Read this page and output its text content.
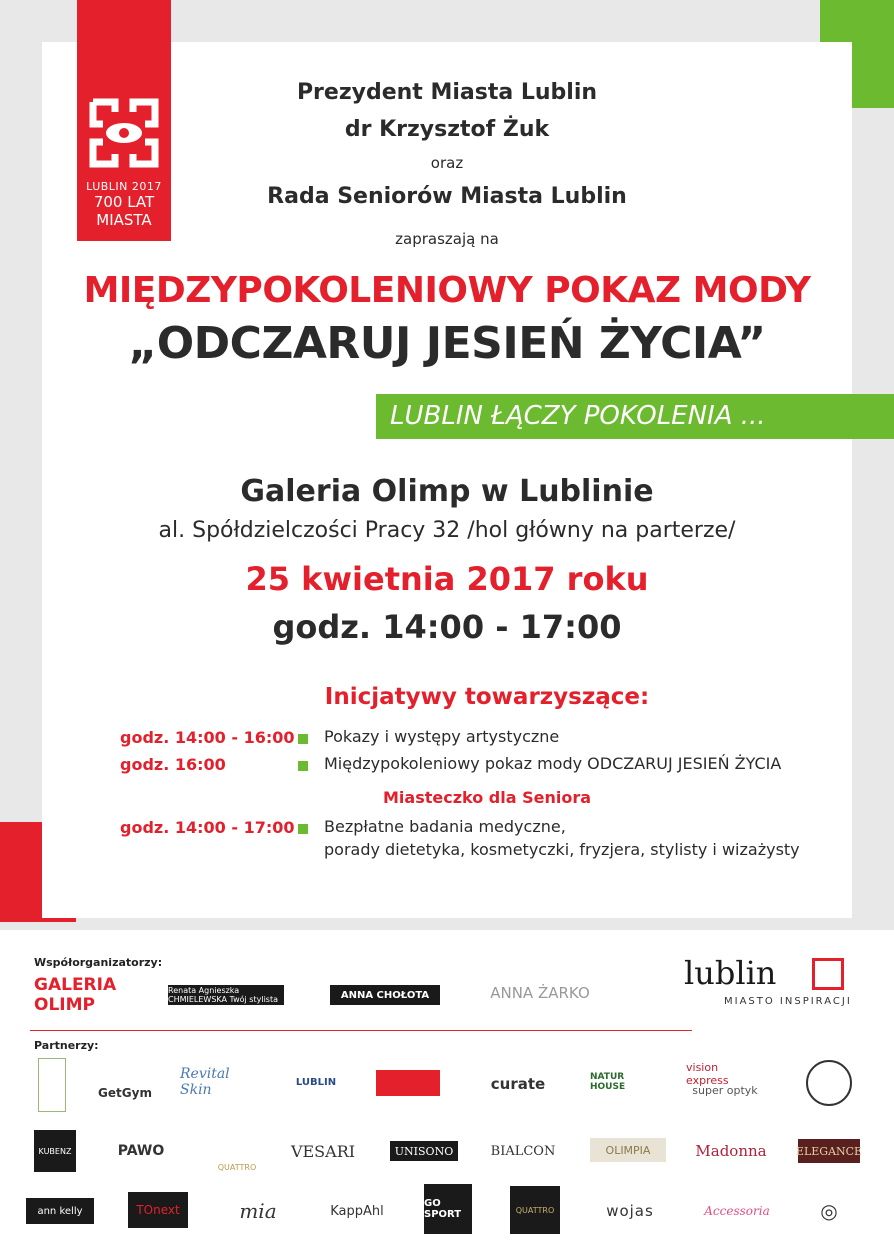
LUBLIN 2017
700 LAT
MIASTA
Prezydent Miasta Lublin
dr Krzysztof Żuk
oraz
Rada Seniorów Miasta Lublin
zapraszają na
MIĘDZYPOKOLENIOWY POKAZ MODY
„ODCZARUJ JESIEŃ ŻYCIA”
LUBLIN ŁĄCZY POKOLENIA ...
Galeria Olimp w Lublinie
al. Spółdzielczości Pracy 32 /hol główny na parterze/
25 kwietnia 2017 roku
godz. 14:00 - 17:00
Inicjatywy towarzyszące:
godz. 14:00 - 16:00 Pokazy i występy artystyczne
godz. 16:00	Międzypokoleniowy pokaz mody ODCZARUJ JESIEŃ ŻYCIA
Miasteczko dla Seniora
godz. 14:00 - 17:00 Bezpłatne badania medyczne,
porady dietetyka, kosmetyczki, fryzjera, stylisty i wizażysty
Współorganizatorzy:
GALERIA OLIMP
Renata Agnieszka CHMIELEWSKA Twój stylista	ANNA CHOŁOTA	ANNA ŻARKO
lublin
MIASTO INSPIRACJI
Partnerzy:
GetGym
Revital Skin	LUBLIN	curate	NATUR HOUSE
vision express
super optyk
KUBENZ	PAWO
QUATTRO
VESARI	UNISONO	BIALCON	OLIMPIA	Madonna	ELEGANCE
ann kelly	TOnext	mia	KappAhl	GO SPORT	QUATTRO	wojas	Accessoria	◎
